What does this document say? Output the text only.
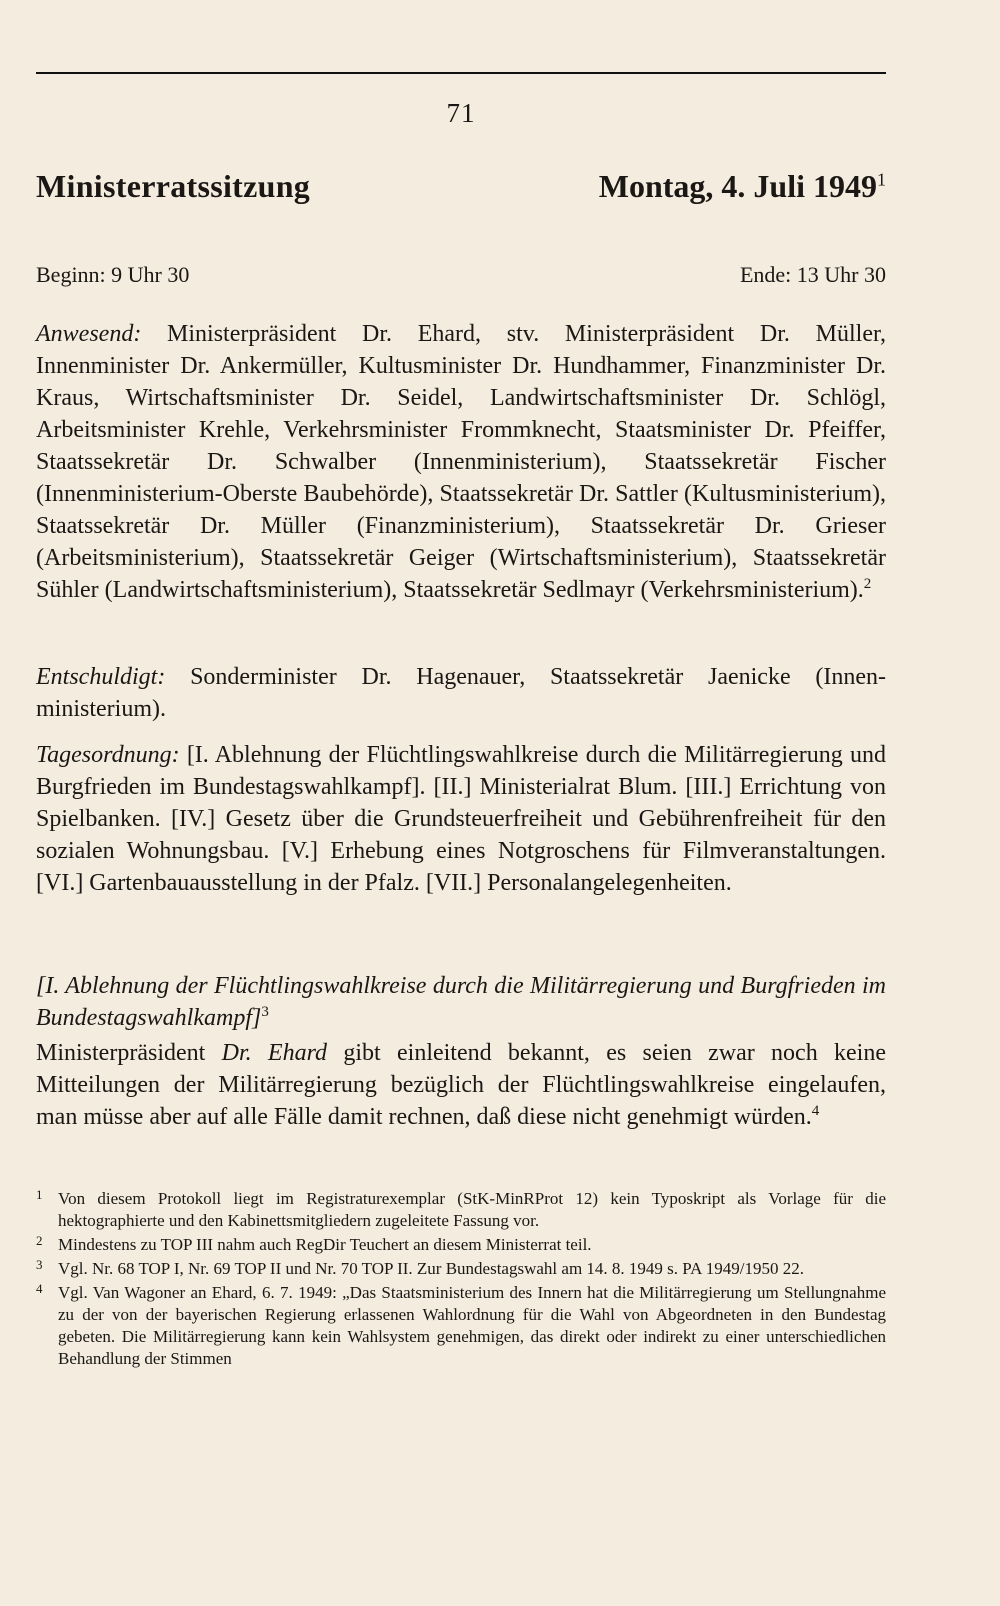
71
Ministerratssitzung	Montag, 4. Juli 1949$^1$
Beginn: 9 Uhr 30	Ende: 13 Uhr 30
Anwesend: Ministerpräsident Dr. Ehard, stv. Ministerpräsident Dr. Müller, Innenminister Dr. Ankermüller, Kultusminister Dr. Hundhammer, Finanzminister Dr. Kraus, Wirtschaftsminister Dr. Seidel, Landwirtschaftsminister Dr. Schlögl, Arbeitsminister Krehle, Verkehrsminister Frommknecht, Staatsminister Dr. Pfeiffer, Staatssekretär Dr. Schwalber (Innenministerium), Staatssekretär Fischer (Innenministerium-Oberste Baubehörde), Staatssekretär Dr. Sattler (Kultusministerium), Staatssekretär Dr. Müller (Finanzministerium), Staatssekretär Dr. Grieser (Arbeitsministerium), Staatssekretär Geiger (Wirtschaftsministerium), Staatssekretär Sühler (Landwirtschaftsministerium), Staatssekretär Sedlmayr (Verkehrsministerium).$^2$
Entschuldigt: Sonderminister Dr. Hagenauer, Staatssekretär Jaenicke (Innenministerium).
Tagesordnung: [I. Ablehnung der Flüchtlingswahlkreise durch die Militärregierung und Burgfrieden im Bundestagswahlkampf]. [II.] Ministerialrat Blum. [III.] Errichtung von Spielbanken. [IV.] Gesetz über die Grundsteuerfreiheit und Gebührenfreiheit für den sozialen Wohnungsbau. [V.] Erhebung eines Notgroschens für Filmveranstaltungen. [VI.] Gartenbauausstellung in der Pfalz. [VII.] Personalangelegenheiten.
[I. Ablehnung der Flüchtlingswahlkreise durch die Militärregierung und Burgfrieden im Bundestagswahlkampf]$^3$
Ministerpräsident Dr. Ehard gibt einleitend bekannt, es seien zwar noch keine Mitteilungen der Militärregierung bezüglich der Flüchtlingswahlkreise eingelaufen, man müsse aber auf alle Fälle damit rechnen, daß diese nicht genehmigt würden.$^4$
1 Von diesem Protokoll liegt im Registraturexemplar (StK-MinRProt 12) kein Typoskript als Vorlage für die hektographierte und den Kabinettsmitgliedern zugeleitete Fassung vor.
2 Mindestens zu TOP III nahm auch RegDir Teuchert an diesem Ministerrat teil.
3 Vgl. Nr. 68 TOP I, Nr. 69 TOP II und Nr. 70 TOP II. Zur Bundestagswahl am 14. 8. 1949 s. PA 1949/1950 22.
4 Vgl. Van Wagoner an Ehard, 6. 7. 1949: „Das Staatsministerium des Innern hat die Militärregierung um Stellungnahme zu der von der bayerischen Regierung erlassenen Wahlordnung für die Wahl von Abgeordneten in den Bundestag gebeten. Die Militärregierung kann kein Wahlsystem genehmigen, das direkt oder indirekt zu einer unterschiedlichen Behandlung der Stimmen
